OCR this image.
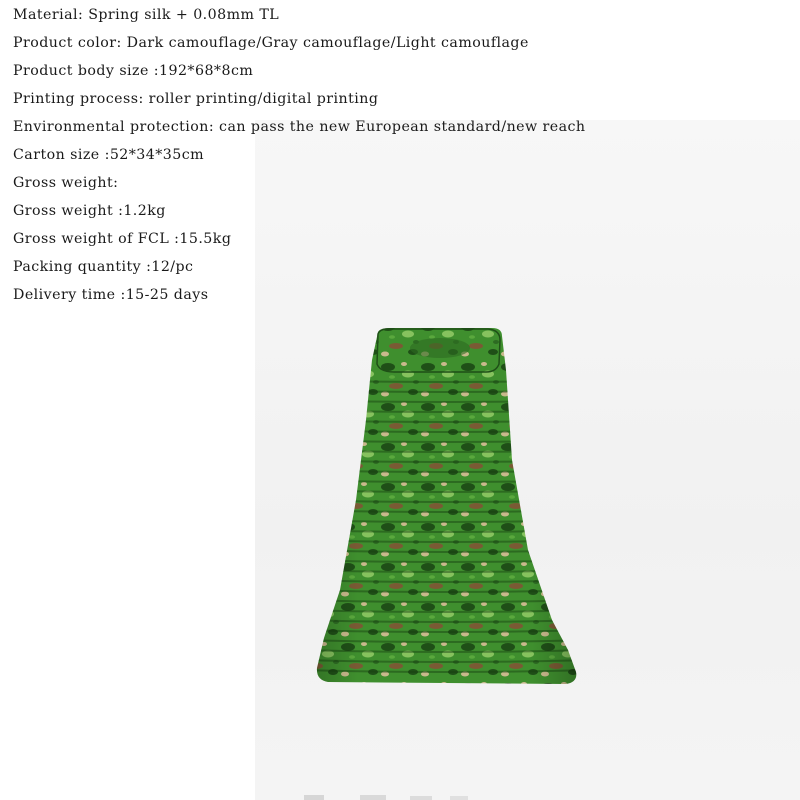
Material: Spring silk + 0.08mm TL
Product color: Dark camouflage/Gray camouflage/Light camouflage
Product body size :192*68*8cm
Printing process: roller printing/digital printing
Environmental protection: can pass the new European standard/new reach
Carton size :52*34*35cm
Gross weight:
Gross weight :1.2kg
Gross weight of FCL :15.5kg
Packing quantity :12/pc
Delivery time :15-25 days
